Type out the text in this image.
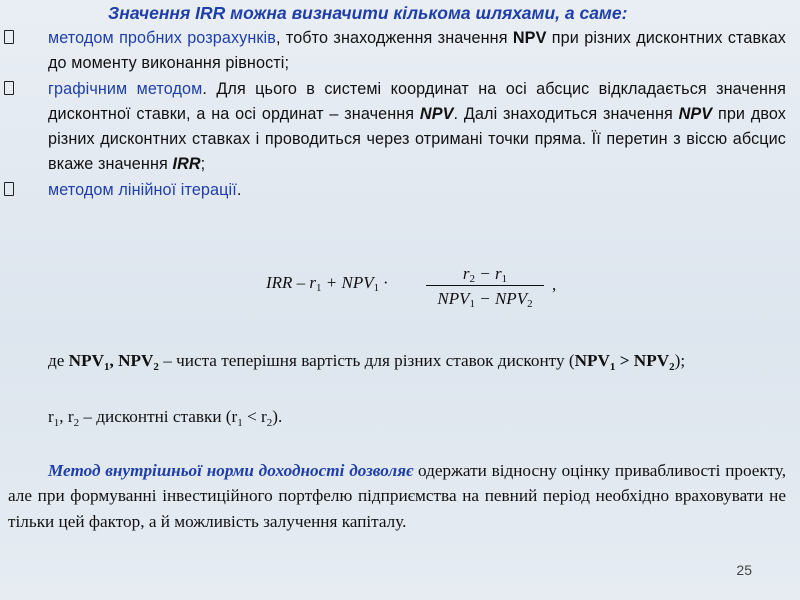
Значення IRR можна визначити кількома шляхами, а саме:
методом пробних розрахунків, тобто знаходження значення NPV при різних дисконтних ставках до моменту виконання рівності;
графічним методом. Для цього в системі координат на осі абсцис відкладається значення дисконтної ставки, а на осі ординат – значення NPV. Далі знаходиться значення NPV при двох різних дисконтних ставках і проводиться через отримані точки пряма. Її перетин з віссю абсцис вкаже значення IRR;
методом лінійної ітерації.
IRR – $r_1 + NPV_1$ ·	$r_2 - r_1$
$NPV_1 - NPV_2$
,
де $NPV_1$, $NPV_2$ – чиста теперішня вартість для різних ставок дисконту $(NPV_1 > NPV_2)$;
$r_1$, $r_2$ – дисконтні ставки $(r_1 < r_2)$.
Метод внутрішньої норми доходності дозволяє одержати відносну оцінку привабливості проекту, але при формуванні інвестиційного портфелю підприємства на певний період необхідно враховувати не тільки цей фактор, а й можливість залучення капіталу.
25
